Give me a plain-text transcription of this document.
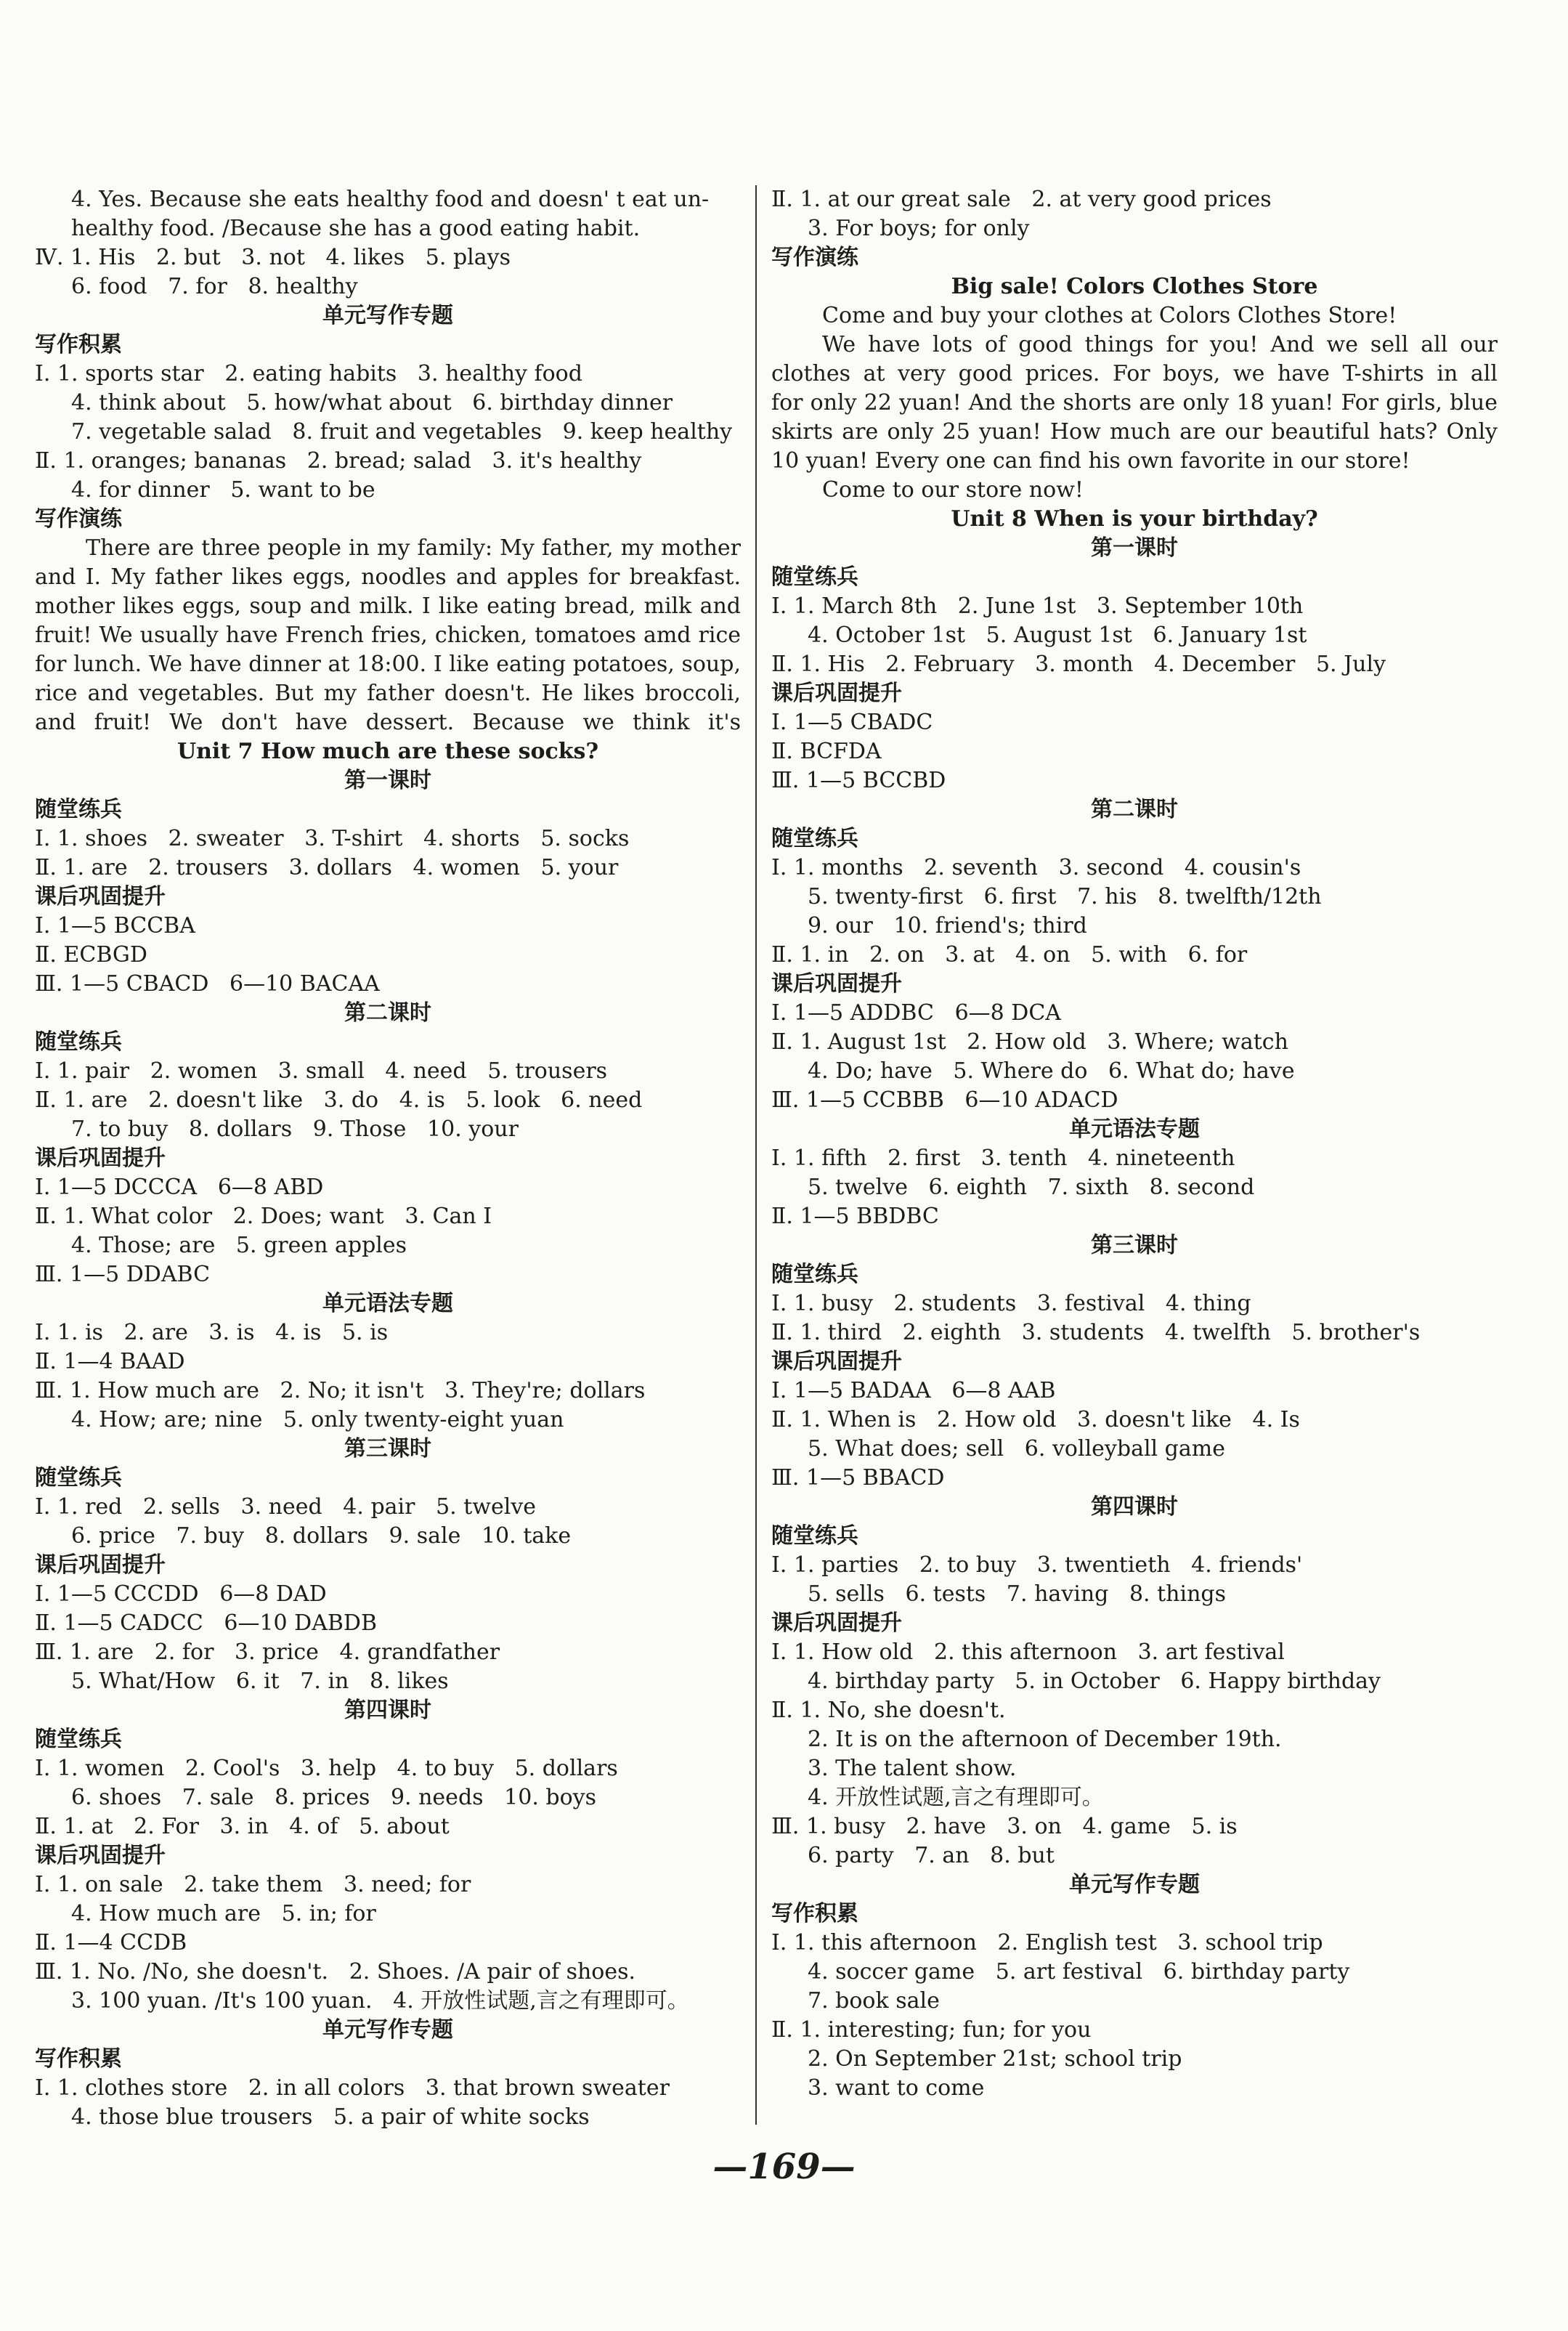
4. Yes. Because she eats healthy food and doesn' t eat un-
healthy food. /Because she has a good eating habit.
Ⅳ. 1. His   2. but   3. not   4. likes   5. plays
6. food   7. for   8. healthy
单元写作专题
写作积累
Ⅰ. 1. sports star   2. eating habits   3. healthy food
4. think about   5. how/what about   6. birthday dinner
7. vegetable salad   8. fruit and vegetables   9. keep healthy
Ⅱ. 1. oranges; bananas   2. bread; salad   3. it's healthy
4. for dinner   5. want to be
写作演练
There are three people in my family: My father, my mother
and I. My father likes eggs, noodles and apples for breakfast.
mother likes eggs, soup and milk. I like eating bread, milk and
fruit! We usually have French fries, chicken, tomatoes amd rice
for lunch. We have dinner at 18:00. I like eating potatoes, soup,
rice and vegetables. But my father doesn't. He likes broccoli,
and fruit! We don't have dessert. Because we think it's
Unit 7 How much are these socks?
第一课时
随堂练兵
Ⅰ. 1. shoes   2. sweater   3. T-shirt   4. shorts   5. socks
Ⅱ. 1. are   2. trousers   3. dollars   4. women   5. your
课后巩固提升
Ⅰ. 1—5 BCCBA
Ⅱ. ECBGD
Ⅲ. 1—5 CBACD   6—10 BACAA
第二课时
随堂练兵
Ⅰ. 1. pair   2. women   3. small   4. need   5. trousers
Ⅱ. 1. are   2. doesn't like   3. do   4. is   5. look   6. need
7. to buy   8. dollars   9. Those   10. your
课后巩固提升
Ⅰ. 1—5 DCCCA   6—8 ABD
Ⅱ. 1. What color   2. Does; want   3. Can I
4. Those; are   5. green apples
Ⅲ. 1—5 DDABC
单元语法专题
Ⅰ. 1. is   2. are   3. is   4. is   5. is
Ⅱ. 1—4 BAAD
Ⅲ. 1. How much are   2. No; it isn't   3. They're; dollars
4. How; are; nine   5. only twenty-eight yuan
第三课时
随堂练兵
Ⅰ. 1. red   2. sells   3. need   4. pair   5. twelve
6. price   7. buy   8. dollars   9. sale   10. take
课后巩固提升
Ⅰ. 1—5 CCCDD   6—8 DAD
Ⅱ. 1—5 CADCC   6—10 DABDB
Ⅲ. 1. are   2. for   3. price   4. grandfather
5. What/How   6. it   7. in   8. likes
第四课时
随堂练兵
Ⅰ. 1. women   2. Cool's   3. help   4. to buy   5. dollars
6. shoes   7. sale   8. prices   9. needs   10. boys
Ⅱ. 1. at   2. For   3. in   4. of   5. about
课后巩固提升
Ⅰ. 1. on sale   2. take them   3. need; for
4. How much are   5. in; for
Ⅱ. 1—4 CCDB
Ⅲ. 1. No. /No, she doesn't.   2. Shoes. /A pair of shoes.
3. 100 yuan. /It's 100 yuan.   4. 开放性试题,言之有理即可。
单元写作专题
写作积累
Ⅰ. 1. clothes store   2. in all colors   3. that brown sweater
4. those blue trousers   5. a pair of white socks
Ⅱ. 1. at our great sale   2. at very good prices
3. For boys; for only
写作演练
Big sale! Colors Clothes Store
Come and buy your clothes at Colors Clothes Store!
We have lots of good things for you! And we sell all our
clothes at very good prices. For boys, we have T-shirts in all
for only 22 yuan! And the shorts are only 18 yuan! For girls, blue
skirts are only 25 yuan! How much are our beautiful hats? Only
10 yuan! Every one can find his own favorite in our store!
Come to our store now!
Unit 8 When is your birthday?
第一课时
随堂练兵
Ⅰ. 1. March 8th   2. June 1st   3. September 10th
4. October 1st   5. August 1st   6. January 1st
Ⅱ. 1. His   2. February   3. month   4. December   5. July
课后巩固提升
Ⅰ. 1—5 CBADC
Ⅱ. BCFDA
Ⅲ. 1—5 BCCBD
第二课时
随堂练兵
Ⅰ. 1. months   2. seventh   3. second   4. cousin's
5. twenty-first   6. first   7. his   8. twelfth/12th
9. our   10. friend's; third
Ⅱ. 1. in   2. on   3. at   4. on   5. with   6. for
课后巩固提升
Ⅰ. 1—5 ADDBC   6—8 DCA
Ⅱ. 1. August 1st   2. How old   3. Where; watch
4. Do; have   5. Where do   6. What do; have
Ⅲ. 1—5 CCBBB   6—10 ADACD
单元语法专题
Ⅰ. 1. fifth   2. first   3. tenth   4. nineteenth
5. twelve   6. eighth   7. sixth   8. second
Ⅱ. 1—5 BBDBC
第三课时
随堂练兵
Ⅰ. 1. busy   2. students   3. festival   4. thing
Ⅱ. 1. third   2. eighth   3. students   4. twelfth   5. brother's
课后巩固提升
Ⅰ. 1—5 BADAA   6—8 AAB
Ⅱ. 1. When is   2. How old   3. doesn't like   4. Is
5. What does; sell   6. volleyball game
Ⅲ. 1—5 BBACD
第四课时
随堂练兵
Ⅰ. 1. parties   2. to buy   3. twentieth   4. friends'
5. sells   6. tests   7. having   8. things
课后巩固提升
Ⅰ. 1. How old   2. this afternoon   3. art festival
4. birthday party   5. in October   6. Happy birthday
Ⅱ. 1. No, she doesn't.
2. It is on the afternoon of December 19th.
3. The talent show.
4. 开放性试题,言之有理即可。
Ⅲ. 1. busy   2. have   3. on   4. game   5. is
6. party   7. an   8. but
单元写作专题
写作积累
Ⅰ. 1. this afternoon   2. English test   3. school trip
4. soccer game   5. art festival   6. birthday party
7. book sale
Ⅱ. 1. interesting; fun; for you
2. On September 21st; school trip
3. want to come
—169—
